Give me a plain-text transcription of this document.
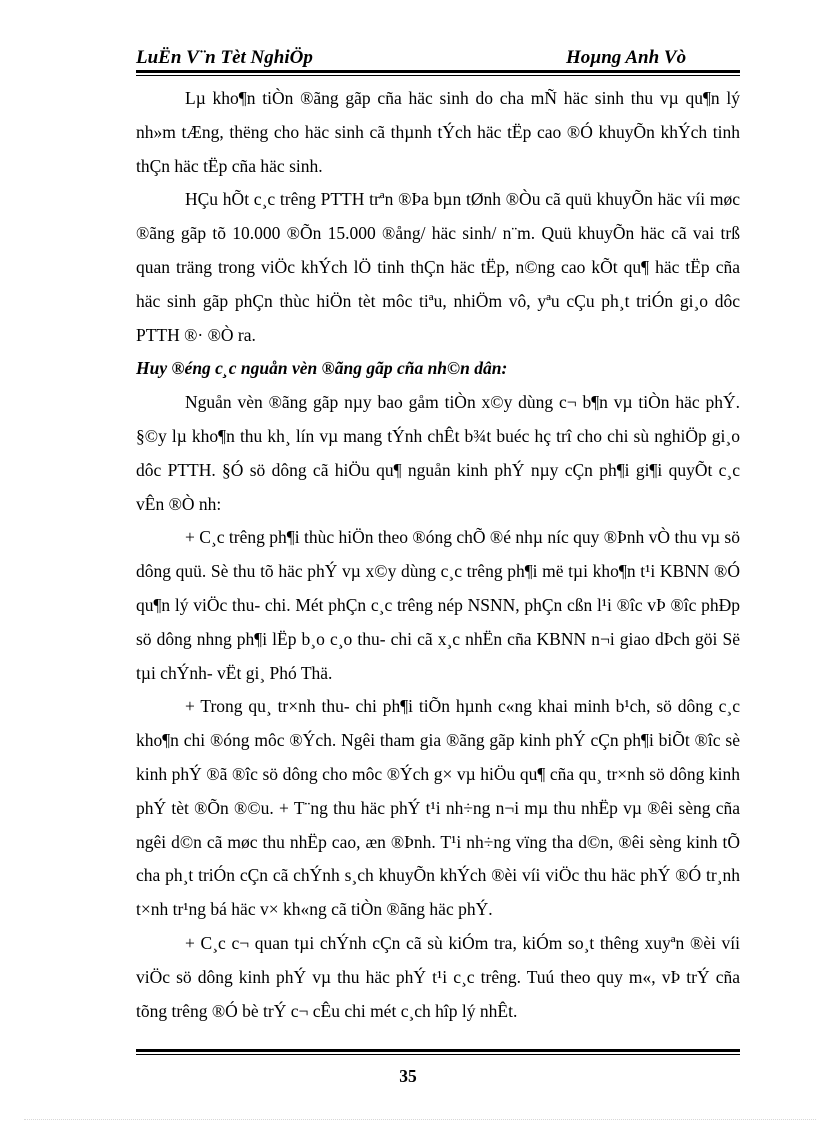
LuËn V¨n Tèt NghiÖp	Hoµng Anh Vò

Lµ kho¶n tiÒn ®ãng gãp cña häc sinh do cha mÑ häc sinh thu vµ qu¶n lý nh»m tÆng, thëng cho häc sinh cã thµnh tÝch häc tËp cao ®Ó khuyÕn khÝch tinh thÇn häc tËp cña häc sinh.

HÇu hÕt c¸c trêng PTTH trªn ®Þa bµn tØnh ®Òu cã quü khuyÕn häc víi møc ®ãng gãp tõ 10.000 ®Õn 15.000 ®ång/ häc sinh/ n¨m. Quü khuyÕn häc cã vai trß quan träng trong viÖc khÝch lÖ tinh thÇn häc tËp, n©ng cao kÕt qu¶ häc tËp cña häc sinh gãp phÇn thùc hiÖn tèt môc tiªu, nhiÖm vô, yªu cÇu ph¸t triÓn gi¸o dôc PTTH ®· ®Ò ra.

Huy ®éng c¸c nguån vèn ®ãng gãp cña nh©n dân:

Nguån vèn ®ãng gãp nµy bao gåm tiÒn x©y dùng c¬ b¶n vµ tiÒn häc phÝ. §©y lµ kho¶n thu kh¸ lín vµ mang tÝnh chÊt b¾t buéc hç trî cho chi sù nghiÖp gi¸o dôc PTTH. §Ó sö dông cã hiÖu qu¶ nguån kinh phÝ nµy cÇn ph¶i gi¶i quyÕt c¸c vÊn ®Ò nh:

+ C¸c trêng ph¶i thùc hiÖn theo ®óng chÕ ®é nhµ níc quy ®Þnh vÒ thu vµ sö dông quü. Sè thu tõ häc phÝ vµ x©y dùng c¸c trêng ph¶i më tµi kho¶n t¹i KBNN ®Ó qu¶n lý viÖc thu- chi. Mét phÇn c¸c trêng nép NSNN, phÇn cßn l¹i ®îc vÞ ®îc phÐp sö dông nhng ph¶i lËp b¸o c¸o thu- chi cã x¸c nhËn cña KBNN n¬i giao dÞch göi Së tµi chÝnh- vËt gi¸ Phó Thä.

+ Trong qu¸ tr×nh thu- chi ph¶i tiÕn hµnh c«ng khai minh b¹ch, sö dông c¸c kho¶n chi ®óng môc ®Ých. Ngêi tham gia ®ãng gãp kinh phÝ cÇn ph¶i biÕt ®îc sè kinh phÝ ®ã ®îc sö dông cho môc ®Ých g× vµ hiÖu qu¶ cña qu¸ tr×nh sö dông kinh phÝ tèt ®Õn ®©u. + T¨ng thu häc phÝ t¹i nh÷ng n¬i mµ thu nhËp vµ ®êi sèng cña ngêi d©n cã møc thu nhËp cao, æn ®Þnh. T¹i nh÷ng vïng tha d©n, ®êi sèng kinh tÕ cha ph¸t triÓn cÇn cã chÝnh s¸ch khuyÕn khÝch ®èi víi viÖc thu häc phÝ ®Ó tr¸nh t×nh tr¹ng bá häc v× kh«ng cã tiÒn ®ãng häc phÝ.

+ C¸c c¬ quan tµi chÝnh cÇn cã sù kiÓm tra, kiÓm so¸t thêng xuyªn ®èi víi viÖc sö dông kinh phÝ vµ thu häc phÝ t¹i c¸c trêng. Tuú theo quy m«, vÞ trÝ cña tõng trêng ®Ó bè trÝ c¬ cÊu chi mét c¸ch hîp lý nhÊt.

35
